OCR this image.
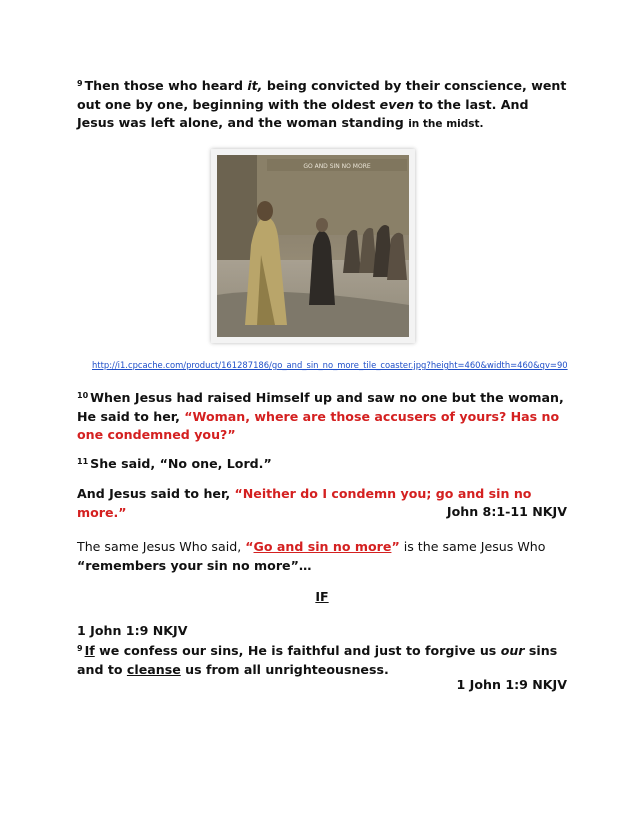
$^9$ Then those who heard it, being convicted by their conscience, went out one by one, beginning with the oldest even to the last. And Jesus was left alone, and the woman standing in the midst.
GO AND SIN NO MORE
http://i1.cpcache.com/product/161287186/go_and_sin_no_more_tile_coaster.jpg?height=460&width=460&qv=90
$^{10}$ When Jesus had raised Himself up and saw no one but the woman, He said to her, “Woman, where are those accusers of yours? Has no one condemned you?”
$^{11}$ She said, “No one, Lord.”
And Jesus said to her, “Neither do I condemn you; go and sin no more.”	John 8:1-11 NKJV
The same Jesus Who said, “Go and sin no more” is the same Jesus Who
“remembers your sin no more”…
IF
1 John 1:9 NKJV
$^9$ If we confess our sins, He is faithful and just to forgive us our sins and to cleanse us from all unrighteousness.
1 John 1:9 NKJV
